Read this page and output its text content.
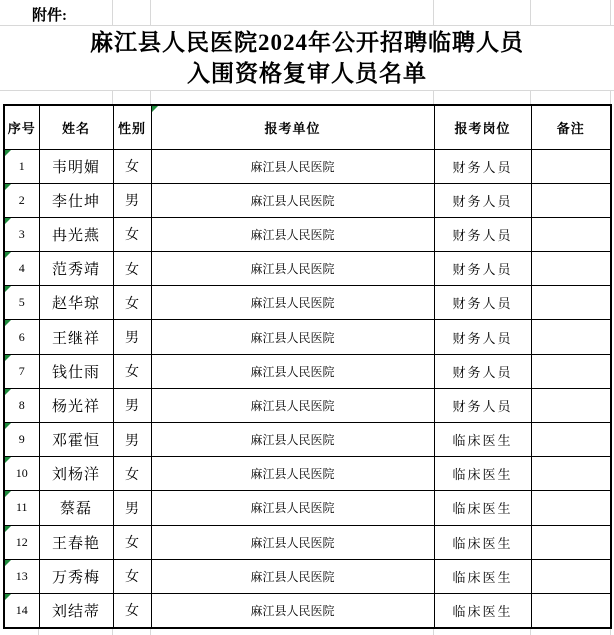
附件:
麻江县人民医院2024年公开招聘临聘人员
入围资格复审人员名单
序号	姓名	性别	报考单位	报考岗位	备注

1	韦明媚	女	麻江县人民医院	财务人员	

2	李仕坤	男	麻江县人民医院	财务人员	

3	冉光燕	女	麻江县人民医院	财务人员	

4	范秀靖	女	麻江县人民医院	财务人员	

5	赵华琼	女	麻江县人民医院	财务人员	

6	王继祥	男	麻江县人民医院	财务人员	

7	钱仕雨	女	麻江县人民医院	财务人员	

8	杨光祥	男	麻江县人民医院	财务人员	

9	邓霍恒	男	麻江县人民医院	临床医生	

10	刘杨洋	女	麻江县人民医院	临床医生	

11	蔡磊	男	麻江县人民医院	临床医生	

12	王春艳	女	麻江县人民医院	临床医生	

13	万秀梅	女	麻江县人民医院	临床医生	

14	刘结蒂	女	麻江县人民医院	临床医生	
